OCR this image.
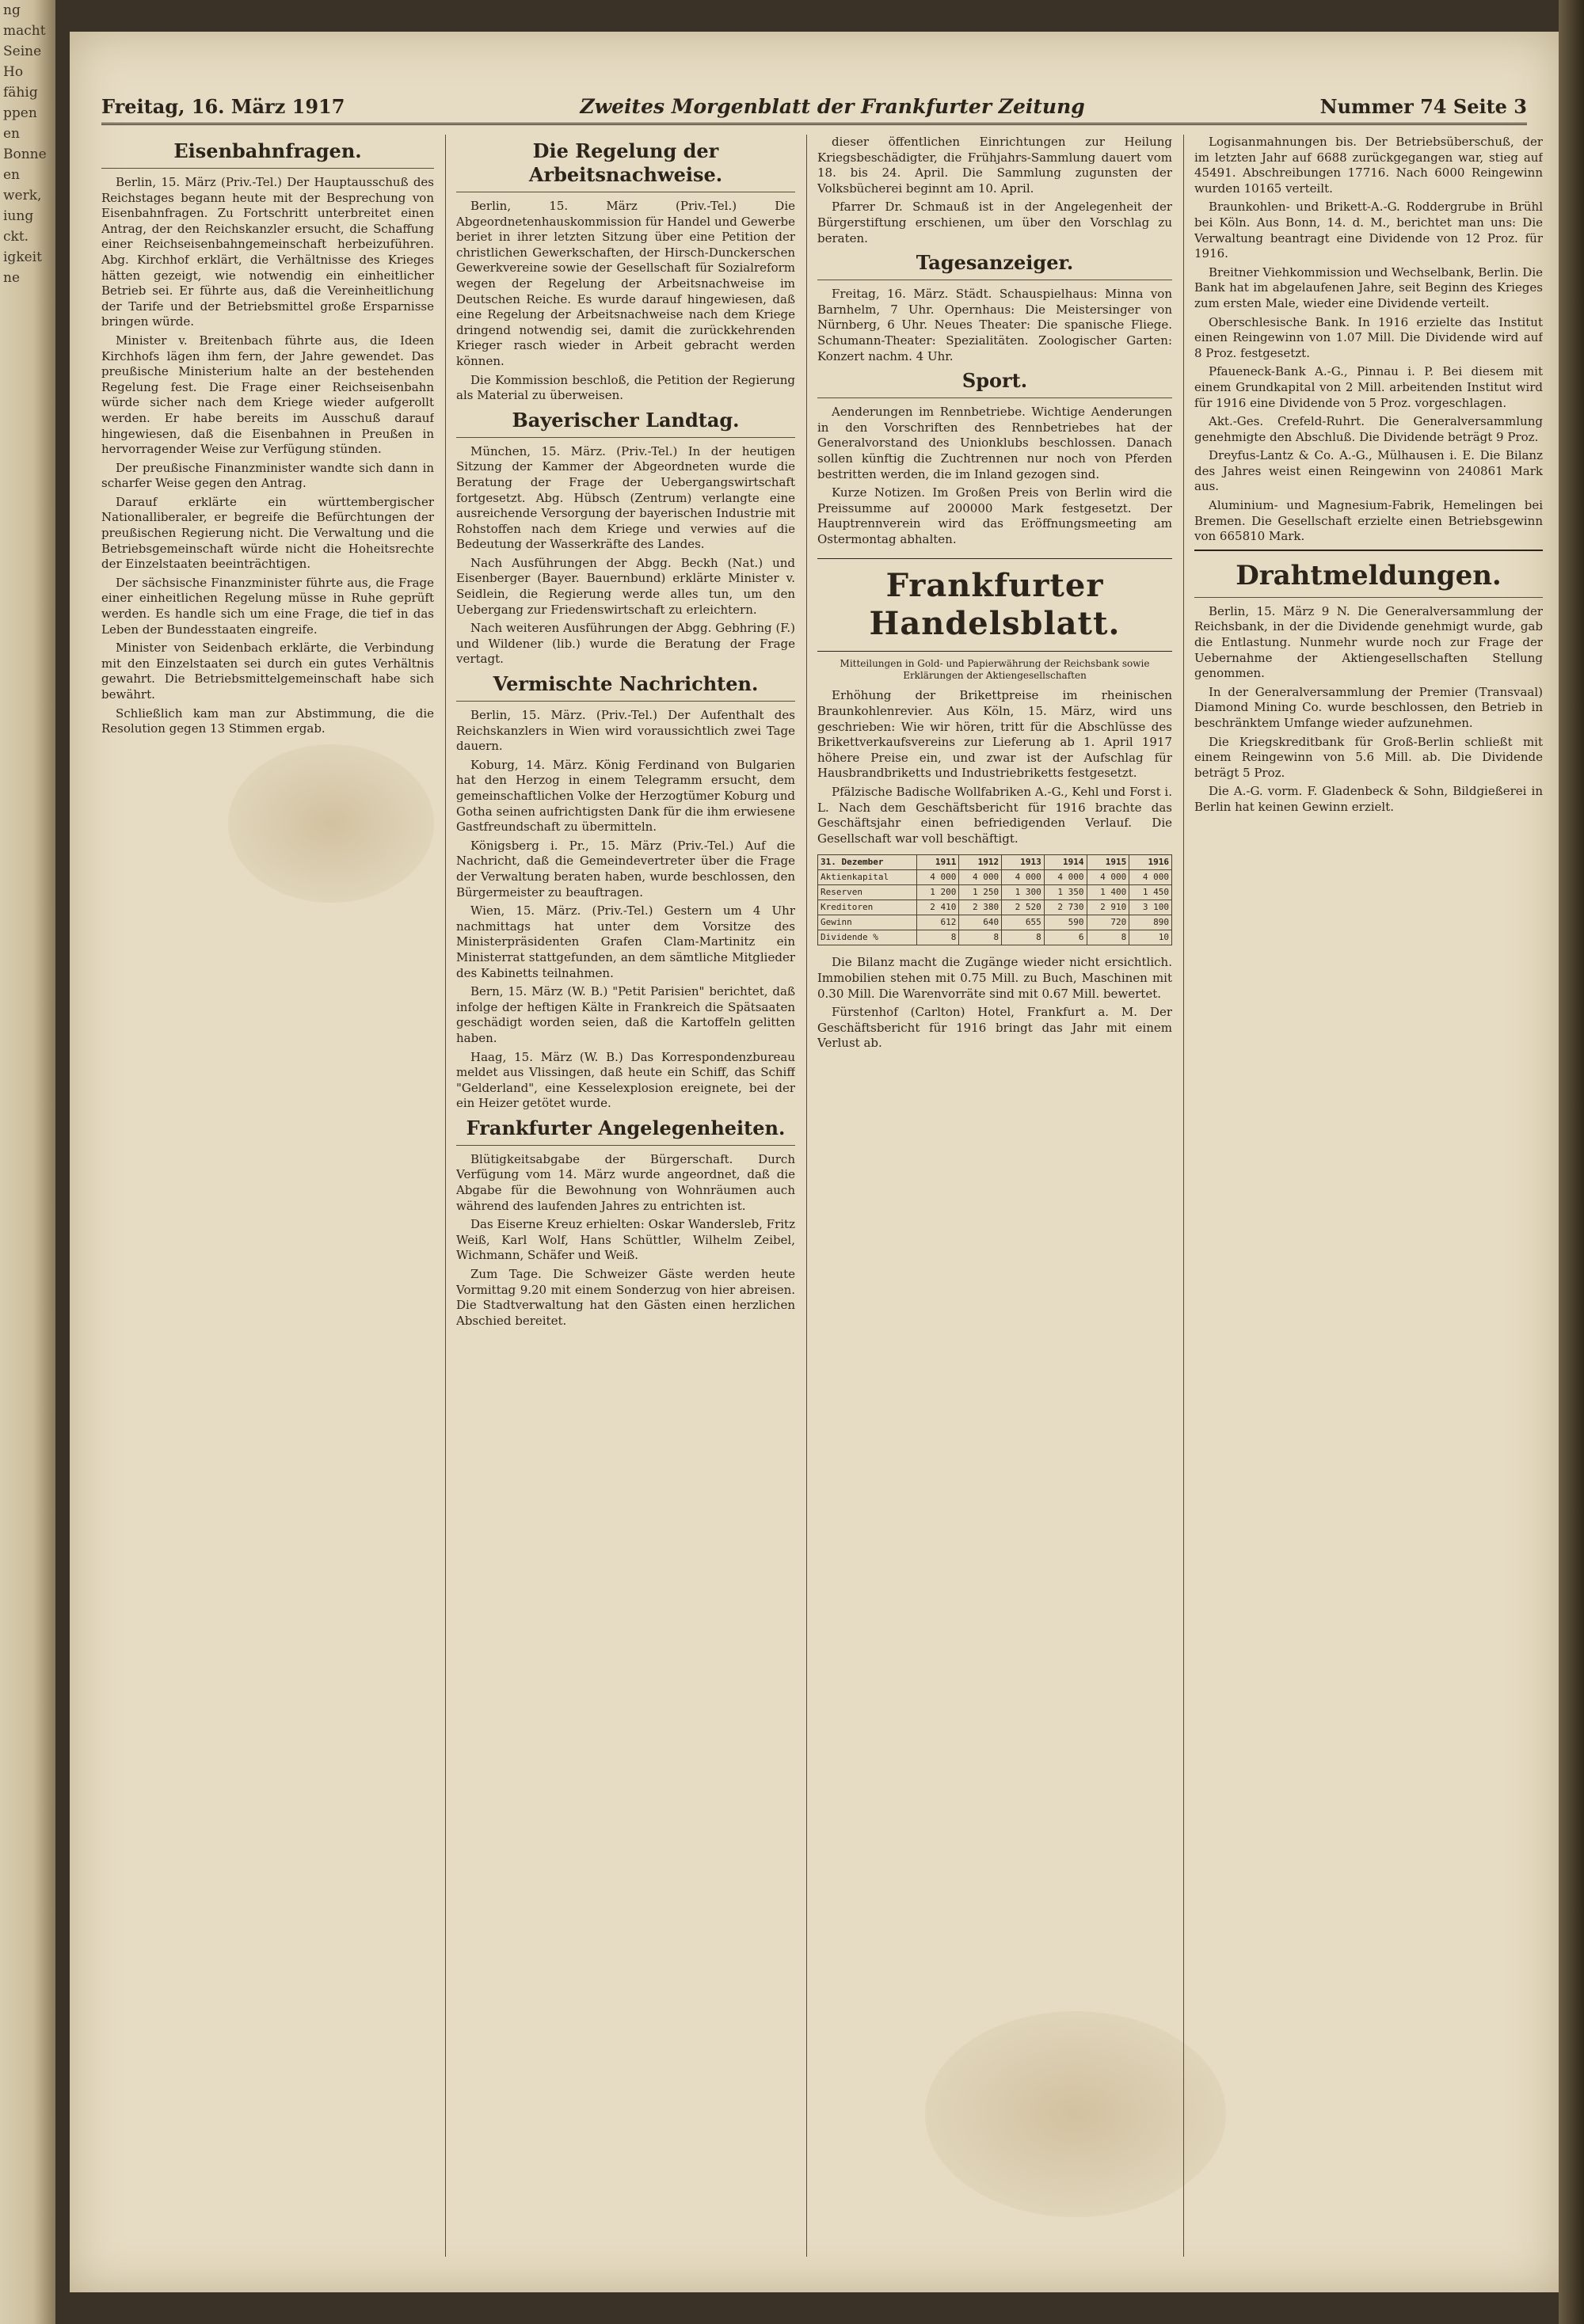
ng
macht
Seine
Ho
fähig
ppen
en
Bonne
en
werk,
iung
ckt.
igkeit
ne
Freitag, 16. März 1917	Zweites Morgenblatt der Frankfurter Zeitung	Nummer 74 Seite 3
Eisenbahnfragen.

Berlin, 15. März (Priv.-Tel.) Der Hauptausschuß des Reichstages begann heute mit der Besprechung von Eisenbahnfragen. Zu Fortschritt unterbreitet einen Antrag, der den Reichskanzler ersucht, die Schaffung einer Reichseisenbahngemeinschaft herbeizuführen. Abg. Kirchhof erklärt, die Verhältnisse des Krieges hätten gezeigt, wie notwendig ein einheitlicher Betrieb sei. Er führte aus, daß die Vereinheitlichung der Tarife und der Betriebsmittel große Ersparnisse bringen würde.

Minister v. Breitenbach führte aus, die Ideen Kirchhofs lägen ihm fern, der Jahre gewendet. Das preußische Ministerium halte an der bestehenden Regelung fest. Die Frage einer Reichseisenbahn würde sicher nach dem Kriege wieder aufgerollt werden. Er habe bereits im Ausschuß darauf hingewiesen, daß die Eisenbahnen in Preußen in hervorragender Weise zur Verfügung stünden.

Der preußische Finanzminister wandte sich dann in scharfer Weise gegen den Antrag.

Darauf erklärte ein württembergischer Nationalliberaler, er begreife die Befürchtungen der preußischen Regierung nicht. Die Verwaltung und die Betriebsgemeinschaft würde nicht die Hoheitsrechte der Einzelstaaten beeinträchtigen.

Der sächsische Finanzminister führte aus, die Frage einer einheitlichen Regelung müsse in Ruhe geprüft werden. Es handle sich um eine Frage, die tief in das Leben der Bundesstaaten eingreife.

Minister von Seidenbach erklärte, die Verbindung mit den Einzelstaaten sei durch ein gutes Verhältnis gewahrt. Die Betriebsmittelgemeinschaft habe sich bewährt.

Schließlich kam man zur Abstimmung, die die Resolution gegen 13 Stimmen ergab.

Die Regelung der Arbeitsnachweise.

Berlin, 15. März (Priv.-Tel.) Die Abgeordnetenhauskommission für Handel und Gewerbe beriet in ihrer letzten Sitzung über eine Petition der christlichen Gewerkschaften, der Hirsch-Dunckerschen Gewerkvereine sowie der Gesellschaft für Sozialreform wegen der Regelung der Arbeitsnachweise im Deutschen Reiche. Es wurde darauf hingewiesen, daß eine Regelung der Arbeitsnachweise nach dem Kriege dringend notwendig sei, damit die zurückkehrenden Krieger rasch wieder in Arbeit gebracht werden können.

Die Kommission beschloß, die Petition der Regierung als Material zu überweisen.

Bayerischer Landtag.

München, 15. März. (Priv.-Tel.) In der heutigen Sitzung der Kammer der Abgeordneten wurde die Beratung der Frage der Uebergangswirtschaft fortgesetzt. Abg. Hübsch (Zentrum) verlangte eine ausreichende Versorgung der bayerischen Industrie mit Rohstoffen nach dem Kriege und verwies auf die Bedeutung der Wasserkräfte des Landes.

Nach Ausführungen der Abgg. Beckh (Nat.) und Eisenberger (Bayer. Bauernbund) erklärte Minister v. Seidlein, die Regierung werde alles tun, um den Uebergang zur Friedenswirtschaft zu erleichtern.

Nach weiteren Ausführungen der Abgg. Gebhring (F.) und Wildener (lib.) wurde die Beratung der Frage vertagt.

Vermischte Nachrichten.

Berlin, 15. März. (Priv.-Tel.) Der Aufenthalt des Reichskanzlers in Wien wird voraussichtlich zwei Tage dauern.

Koburg, 14. März. König Ferdinand von Bulgarien hat den Herzog in einem Telegramm ersucht, dem gemeinschaftlichen Volke der Herzogtümer Koburg und Gotha seinen aufrichtigsten Dank für die ihm erwiesene Gastfreundschaft zu übermitteln.

Königsberg i. Pr., 15. März (Priv.-Tel.) Auf die Nachricht, daß die Gemeindevertreter über die Frage der Verwaltung beraten haben, wurde beschlossen, den Bürgermeister zu beauftragen.

Wien, 15. März. (Priv.-Tel.) Gestern um 4 Uhr nachmittags hat unter dem Vorsitze des Ministerpräsidenten Grafen Clam-Martinitz ein Ministerrat stattgefunden, an dem sämtliche Mitglieder des Kabinetts teilnahmen.

Bern, 15. März (W. B.) "Petit Parisien" berichtet, daß infolge der heftigen Kälte in Frankreich die Spätsaaten geschädigt worden seien, daß die Kartoffeln gelitten haben.

Haag, 15. März (W. B.) Das Korrespondenzbureau meldet aus Vlissingen, daß heute ein Schiff, das Schiff "Gelderland", eine Kesselexplosion ereignete, bei der ein Heizer getötet wurde.

Frankfurter Angelegenheiten.

Blütigkeitsabgabe der Bürgerschaft. Durch Verfügung vom 14. März wurde angeordnet, daß die Abgabe für die Bewohnung von Wohnräumen auch während des laufenden Jahres zu entrichten ist.

Das Eiserne Kreuz erhielten: Oskar Wandersleb, Fritz Weiß, Karl Wolf, Hans Schüttler, Wilhelm Zeibel, Wichmann, Schäfer und Weiß.

Zum Tage. Die Schweizer Gäste werden heute Vormittag 9.20 mit einem Sonderzug von hier abreisen. Die Stadtverwaltung hat den Gästen einen herzlichen Abschied bereitet.

dieser öffentlichen Einrichtungen zur Heilung Kriegsbeschädigter, die Frühjahrs-Sammlung dauert vom 18. bis 24. April. Die Sammlung zugunsten der Volksbücherei beginnt am 10. April.

Pfarrer Dr. Schmauß ist in der Angelegenheit der Bürgerstiftung erschienen, um über den Vorschlag zu beraten.

Tagesanzeiger.

Freitag, 16. März. Städt. Schauspielhaus: Minna von Barnhelm, 7 Uhr. Opernhaus: Die Meistersinger von Nürnberg, 6 Uhr. Neues Theater: Die spanische Fliege. Schumann-Theater: Spezialitäten. Zoologischer Garten: Konzert nachm. 4 Uhr.

Sport.

Aenderungen im Rennbetriebe. Wichtige Aenderungen in den Vorschriften des Rennbetriebes hat der Generalvorstand des Unionklubs beschlossen. Danach sollen künftig die Zuchtrennen nur noch von Pferden bestritten werden, die im Inland gezogen sind.

Kurze Notizen. Im Großen Preis von Berlin wird die Preissumme auf 200000 Mark festgesetzt. Der Hauptrennverein wird das Eröffnungsmeeting am Ostermontag abhalten.

Frankfurter Handelsblatt.

Mitteilungen in Gold- und Papierwährung der Reichsbank sowie Erklärungen der Aktiengesellschaften

Erhöhung der Brikettpreise im rheinischen Braunkohlenrevier. Aus Köln, 15. März, wird uns geschrieben: Wie wir hören, tritt für die Abschlüsse des Brikettverkaufsvereins zur Lieferung ab 1. April 1917 höhere Preise ein, und zwar ist der Aufschlag für Hausbrandbriketts und Industriebriketts festgesetzt.

Pfälzische Badische Wollfabriken A.-G., Kehl und Forst i. L. Nach dem Geschäftsbericht für 1916 brachte das Geschäftsjahr einen befriedigenden Verlauf. Die Gesellschaft war voll beschäftigt.

31. Dezember	1911	1912	1913	1914	1915	1916
Aktienkapital	4 000	4 000	4 000	4 000	4 000	4 000
Reserven	1 200	1 250	1 300	1 350	1 400	1 450
Kreditoren	2 410	2 380	2 520	2 730	2 910	3 100
Gewinn	612	640	655	590	720	890
Dividende %	8	8	8	6	8	10

Die Bilanz macht die Zugänge wieder nicht ersichtlich. Immobilien stehen mit 0.75 Mill. zu Buch, Maschinen mit 0.30 Mill. Die Warenvorräte sind mit 0.67 Mill. bewertet.

Fürstenhof (Carlton) Hotel, Frankfurt a. M. Der Geschäftsbericht für 1916 bringt das Jahr mit einem Verlust ab.

Logisanmahnungen bis. Der Betriebsüberschuß, der im letzten Jahr auf 6688 zurückgegangen war, stieg auf 45491. Abschreibungen 17716. Nach 6000 Reingewinn wurden 10165 verteilt.

Braunkohlen- und Brikett-A.-G. Roddergrube in Brühl bei Köln. Aus Bonn, 14. d. M., berichtet man uns: Die Verwaltung beantragt eine Dividende von 12 Proz. für 1916.

Breitner Viehkommission und Wechselbank, Berlin. Die Bank hat im abgelaufenen Jahre, seit Beginn des Krieges zum ersten Male, wieder eine Dividende verteilt.

Oberschlesische Bank. In 1916 erzielte das Institut einen Reingewinn von 1.07 Mill. Die Dividende wird auf 8 Proz. festgesetzt.

Pfaueneck-Bank A.-G., Pinnau i. P. Bei diesem mit einem Grundkapital von 2 Mill. arbeitenden Institut wird für 1916 eine Dividende von 5 Proz. vorgeschlagen.

Akt.-Ges. Crefeld-Ruhrt. Die Generalversammlung genehmigte den Abschluß. Die Dividende beträgt 9 Proz.

Dreyfus-Lantz & Co. A.-G., Mülhausen i. E. Die Bilanz des Jahres weist einen Reingewinn von 240861 Mark aus.

Aluminium- und Magnesium-Fabrik, Hemelingen bei Bremen. Die Gesellschaft erzielte einen Betriebsgewinn von 665810 Mark.

Drahtmeldungen.

Berlin, 15. März 9 N. Die Generalversammlung der Reichsbank, in der die Dividende genehmigt wurde, gab die Entlastung. Nunmehr wurde noch zur Frage der Uebernahme der Aktiengesellschaften Stellung genommen.

In der Generalversammlung der Premier (Transvaal) Diamond Mining Co. wurde beschlossen, den Betrieb in beschränktem Umfange wieder aufzunehmen.

Die Kriegskreditbank für Groß-Berlin schließt mit einem Reingewinn von 5.6 Mill. ab. Die Dividende beträgt 5 Proz.

Die A.-G. vorm. F. Gladenbeck & Sohn, Bildgießerei in Berlin hat keinen Gewinn erzielt.
